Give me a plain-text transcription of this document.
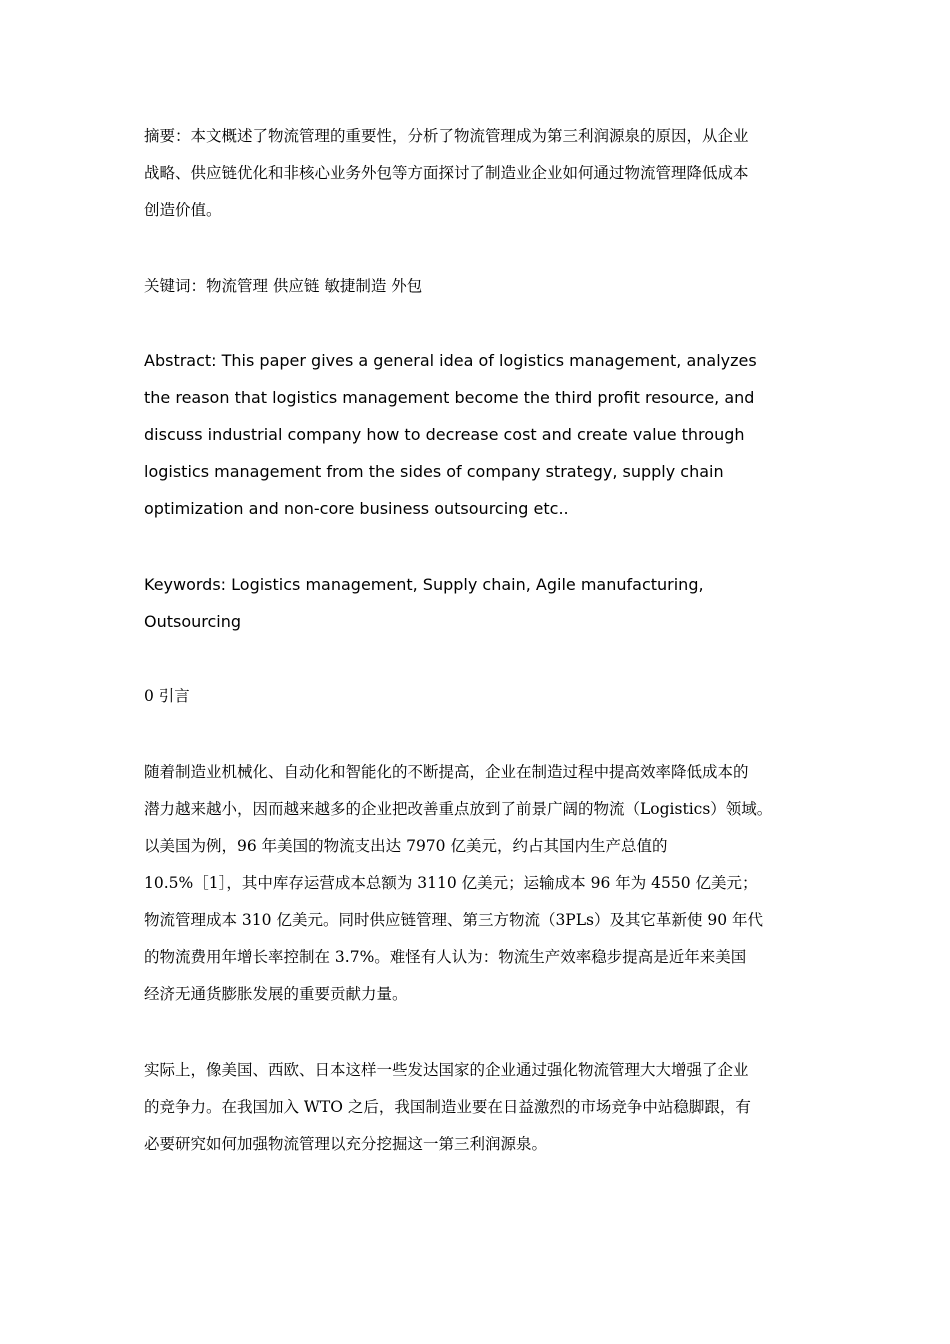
摘要：本文概述了物流管理的重要性，分析了物流管理成为第三利润源泉的原因，从企业
战略、供应链优化和非核心业务外包等方面探讨了制造业企业如何通过物流管理降低成本
创造价值。
关键词：物流管理 供应链 敏捷制造 外包
Abstract: This paper gives a general idea of logistics management, analyzes
the reason that logistics management become the third profit resource, and
discuss industrial company how to decrease cost and create value through
logistics management from the sides of company strategy, supply chain
optimization and non-core business outsourcing etc..
Keywords: Logistics management, Supply chain, Agile manufacturing,
Outsourcing
0 引言
随着制造业机械化、自动化和智能化的不断提高，企业在制造过程中提高效率降低成本的
潜力越来越小，因而越来越多的企业把改善重点放到了前景广阔的物流（Logistics）领域。
以美国为例，96 年美国的物流支出达 7970 亿美元，约占其国内生产总值的
10.5%［1］，其中库存运营成本总额为 3110 亿美元；运输成本 96 年为 4550 亿美元；
物流管理成本 310 亿美元。同时供应链管理、第三方物流（3PLs）及其它革新使 90 年代
的物流费用年增长率控制在 3.7%。难怪有人认为：物流生产效率稳步提高是近年来美国
经济无通货膨胀发展的重要贡献力量。
实际上，像美国、西欧、日本这样一些发达国家的企业通过强化物流管理大大增强了企业
的竞争力。在我国加入 WTO 之后，我国制造业要在日益激烈的市场竞争中站稳脚跟，有
必要研究如何加强物流管理以充分挖掘这一第三利润源泉。
